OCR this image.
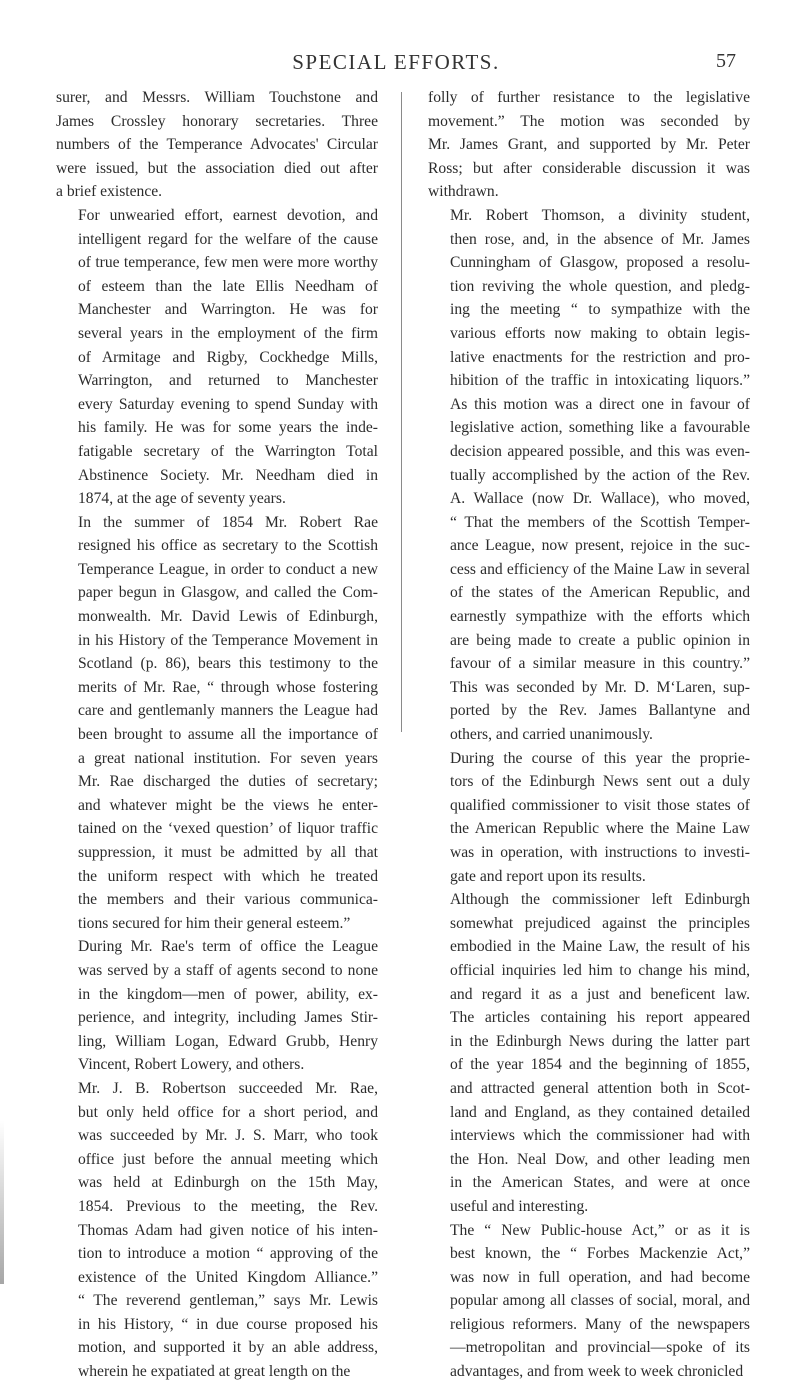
SPECIAL EFFORTS.	57

surer, and Messrs. William Touchstone and
James Crossley honorary secretaries. Three
numbers of the Temperance Advocates' Circular
were issued, but the association died out after
a brief existence.

For unwearied effort, earnest devotion, and
intelligent regard for the welfare of the cause
of true temperance, few men were more worthy
of esteem than the late Ellis Needham of
Manchester and Warrington. He was for
several years in the employment of the firm
of Armitage and Rigby, Cockhedge Mills,
Warrington, and returned to Manchester
every Saturday evening to spend Sunday with
his family. He was for some years the inde-
fatigable secretary of the Warrington Total
Abstinence Society. Mr. Needham died in
1874, at the age of seventy years.

In the summer of 1854 Mr. Robert Rae
resigned his office as secretary to the Scottish
Temperance League, in order to conduct a new
paper begun in Glasgow, and called the Com-
monwealth. Mr. David Lewis of Edinburgh,
in his History of the Temperance Movement in
Scotland (p. 86), bears this testimony to the
merits of Mr. Rae, “ through whose fostering
care and gentlemanly manners the League had
been brought to assume all the importance of
a great national institution. For seven years
Mr. Rae discharged the duties of secretary;
and whatever might be the views he enter-
tained on the ‘vexed question’ of liquor traffic
suppression, it must be admitted by all that
the uniform respect with which he treated
the members and their various communica-
tions secured for him their general esteem.”

During Mr. Rae's term of office the League
was served by a staff of agents second to none
in the kingdom—men of power, ability, ex-
perience, and integrity, including James Stir-
ling, William Logan, Edward Grubb, Henry
Vincent, Robert Lowery, and others.

Mr. J. B. Robertson succeeded Mr. Rae,
but only held office for a short period, and
was succeeded by Mr. J. S. Marr, who took
office just before the annual meeting which
was held at Edinburgh on the 15th May,
1854. Previous to the meeting, the Rev.
Thomas Adam had given notice of his inten-
tion to introduce a motion “ approving of the
existence of the United Kingdom Alliance.”
“ The reverend gentleman,” says Mr. Lewis
in his History, “ in due course proposed his
motion, and supported it by an able address,
wherein he expatiated at great length on the

folly of further resistance to the legislative
movement.” The motion was seconded by
Mr. James Grant, and supported by Mr. Peter
Ross; but after considerable discussion it was
withdrawn.

Mr. Robert Thomson, a divinity student,
then rose, and, in the absence of Mr. James
Cunningham of Glasgow, proposed a resolu-
tion reviving the whole question, and pledg-
ing the meeting “ to sympathize with the
various efforts now making to obtain legis-
lative enactments for the restriction and pro-
hibition of the traffic in intoxicating liquors.”
As this motion was a direct one in favour of
legislative action, something like a favourable
decision appeared possible, and this was even-
tually accomplished by the action of the Rev.
A. Wallace (now Dr. Wallace), who moved,
“ That the members of the Scottish Temper-
ance League, now present, rejoice in the suc-
cess and efficiency of the Maine Law in several
of the states of the American Republic, and
earnestly sympathize with the efforts which
are being made to create a public opinion in
favour of a similar measure in this country.”
This was seconded by Mr. D. M‘Laren, sup-
ported by the Rev. James Ballantyne and
others, and carried unanimously.

During the course of this year the proprie-
tors of the Edinburgh News sent out a duly
qualified commissioner to visit those states of
the American Republic where the Maine Law
was in operation, with instructions to investi-
gate and report upon its results.

Although the commissioner left Edinburgh
somewhat prejudiced against the principles
embodied in the Maine Law, the result of his
official inquiries led him to change his mind,
and regard it as a just and beneficent law.
The articles containing his report appeared
in the Edinburgh News during the latter part
of the year 1854 and the beginning of 1855,
and attracted general attention both in Scot-
land and England, as they contained detailed
interviews which the commissioner had with
the Hon. Neal Dow, and other leading men
in the American States, and were at once
useful and interesting.

The “ New Public-house Act,” or as it is
best known, the “ Forbes Mackenzie Act,”
was now in full operation, and had become
popular among all classes of social, moral, and
religious reformers. Many of the newspapers
—metropolitan and provincial—spoke of its
advantages, and from week to week chronicled
